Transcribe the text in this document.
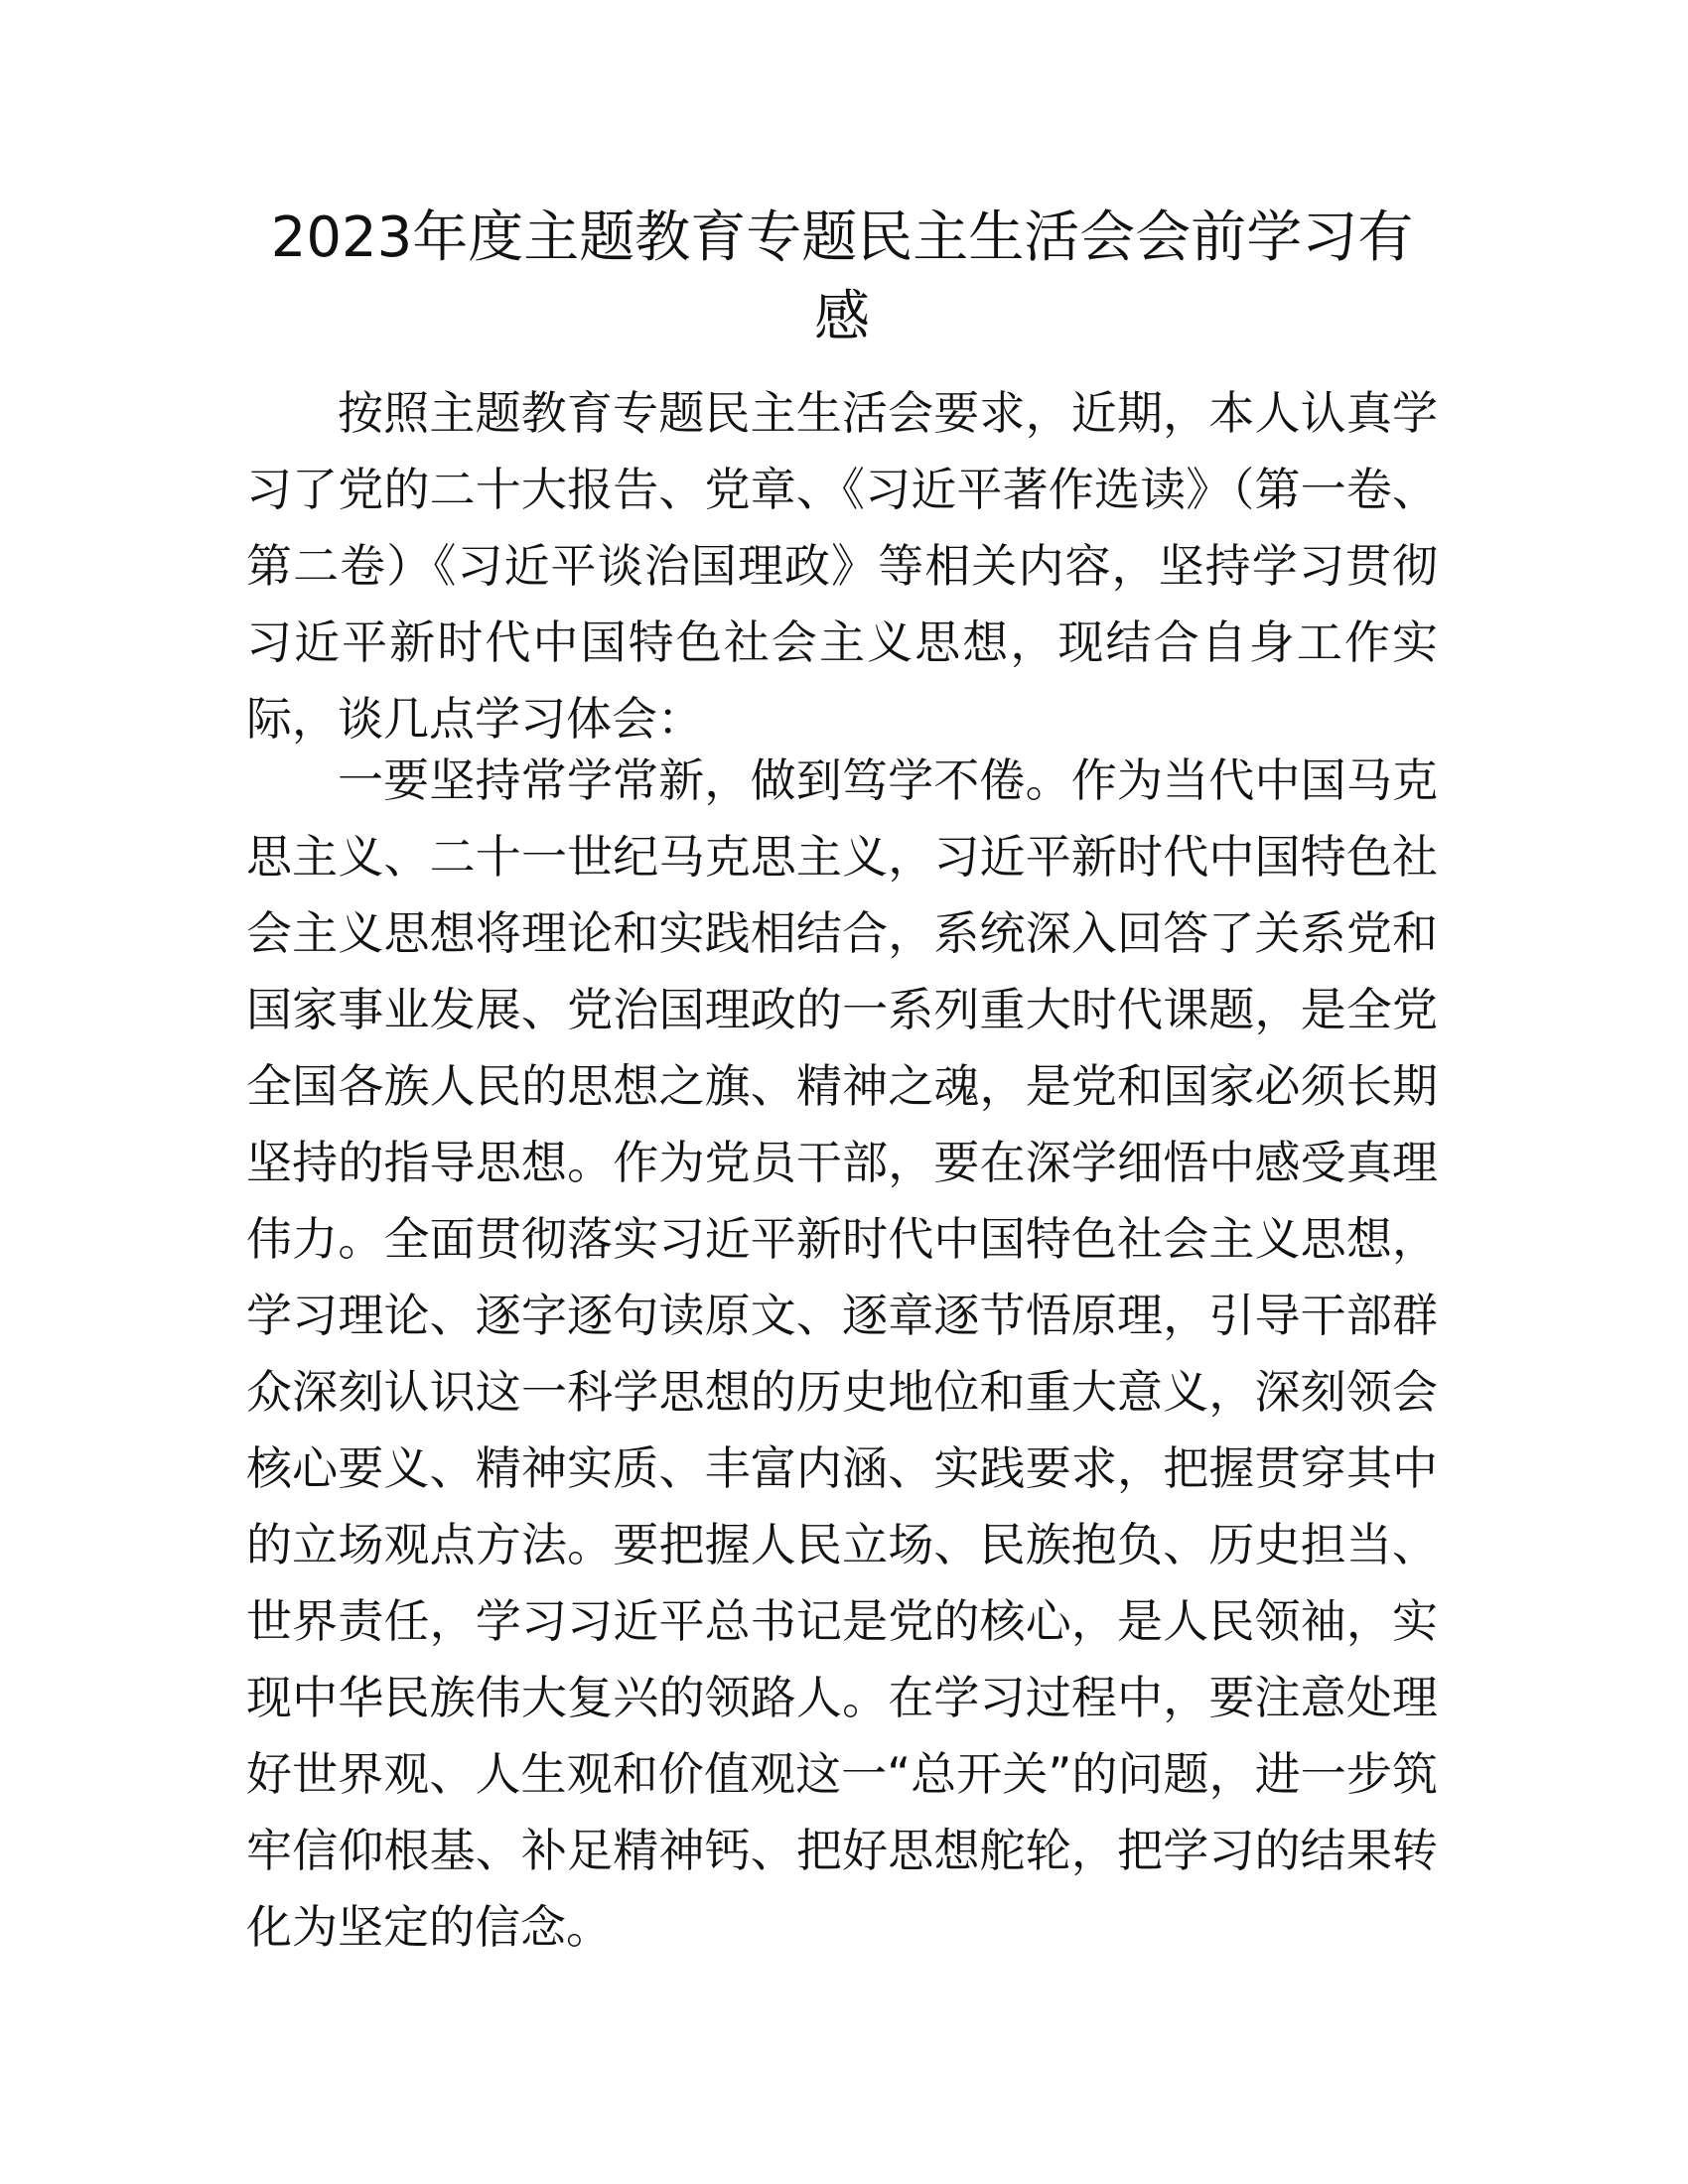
2023年度主题教育专题民主生活会会前学习有感

按照主题教育专题民主生活会要求，近期，本人认真学习了党的二十大报告、党章、《习近平著作选读》（第一卷、第二卷）《习近平谈治国理政》等相关内容，坚持学习贯彻习近平新时代中国特色社会主义思想，现结合自身工作实际，谈几点学习体会：

一要坚持常学常新，做到笃学不倦。作为当代中国马克思主义、二十一世纪马克思主义，习近平新时代中国特色社会主义思想将理论和实践相结合，系统深入回答了关系党和国家事业发展、党治国理政的一系列重大时代课题，是全党全国各族人民的思想之旗、精神之魂，是党和国家必须长期坚持的指导思想。作为党员干部，要在深学细悟中感受真理伟力。全面贯彻落实习近平新时代中国特色社会主义思想，学习理论、逐字逐句读原文、逐章逐节悟原理，引导干部群众深刻认识这一科学思想的历史地位和重大意义，深刻领会核心要义、精神实质、丰富内涵、实践要求，把握贯穿其中的立场观点方法。要把握人民立场、民族抱负、历史担当、世界责任，学习习近平总书记是党的核心，是人民领袖，实现中华民族伟大复兴的领路人。在学习过程中，要注意处理好世界观、人生观和价值观这一“总开关”的问题，进一步筑牢信仰根基、补足精神钙、把好思想舵轮，把学习的结果转化为坚定的信念。
